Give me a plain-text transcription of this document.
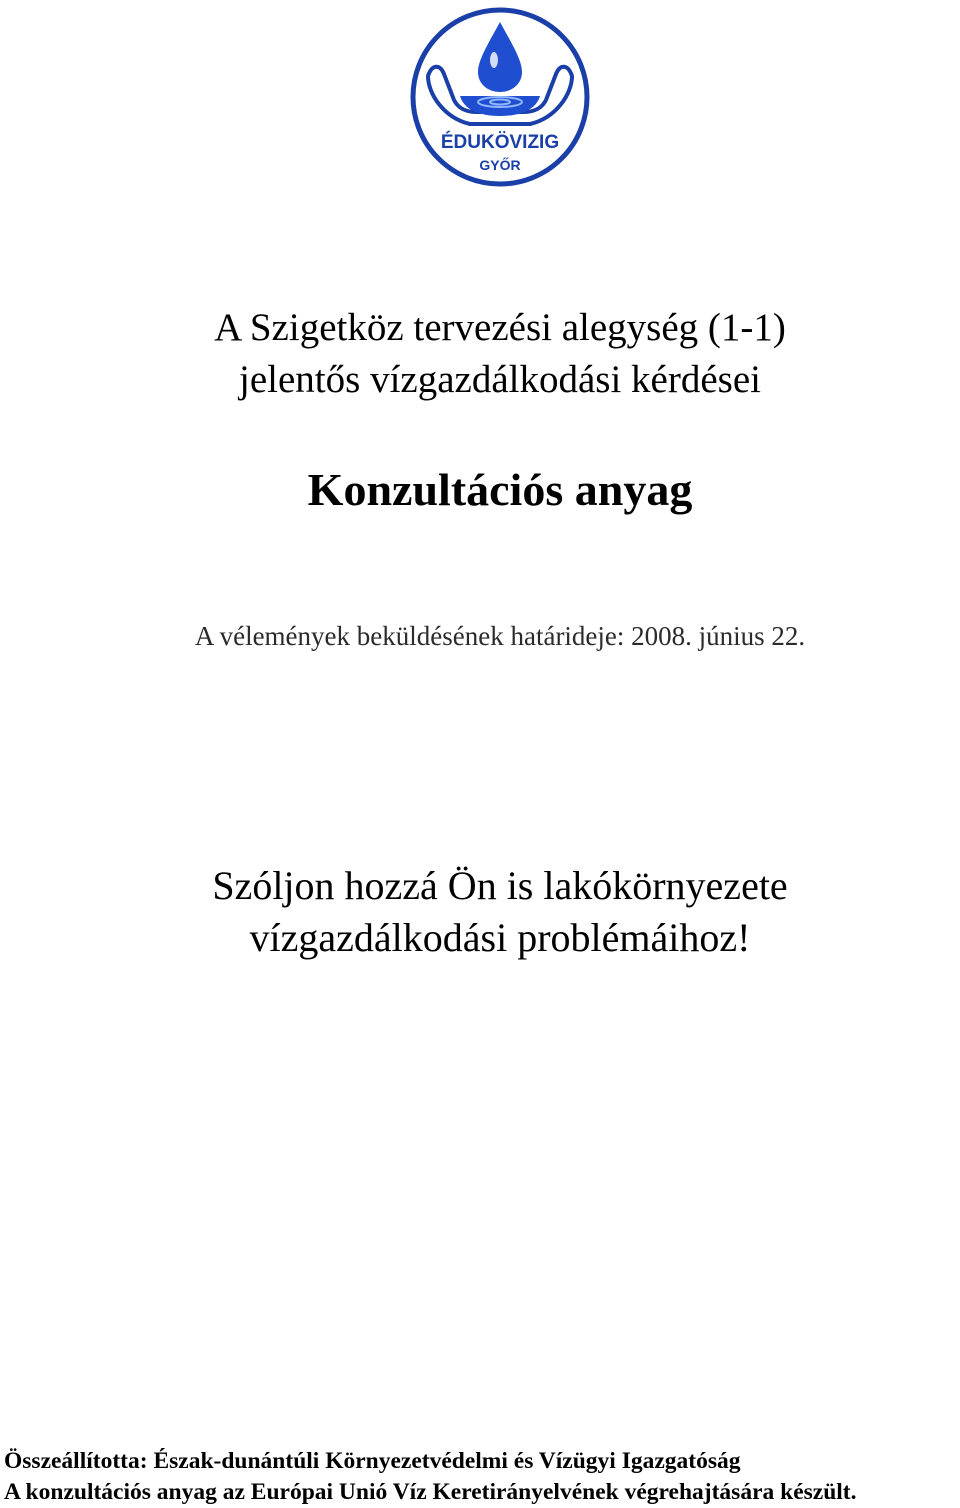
ÉDUKÖVIZIG
GYŐR
A Szigetköz tervezési alegység (1-1)
jelentős vízgazdálkodási kérdései
Konzultációs anyag

A vélemények beküldésének határideje: 2008. június 22.

Szóljon hozzá Ön is lakókörnyezete

vízgazdálkodási problémáihoz!

Összeállította: Észak-dunántúli Környezetvédelmi és Vízügyi Igazgatóság

A konzultációs anyag az Európai Unió Víz Keretirányelvének végrehajtására készült.
